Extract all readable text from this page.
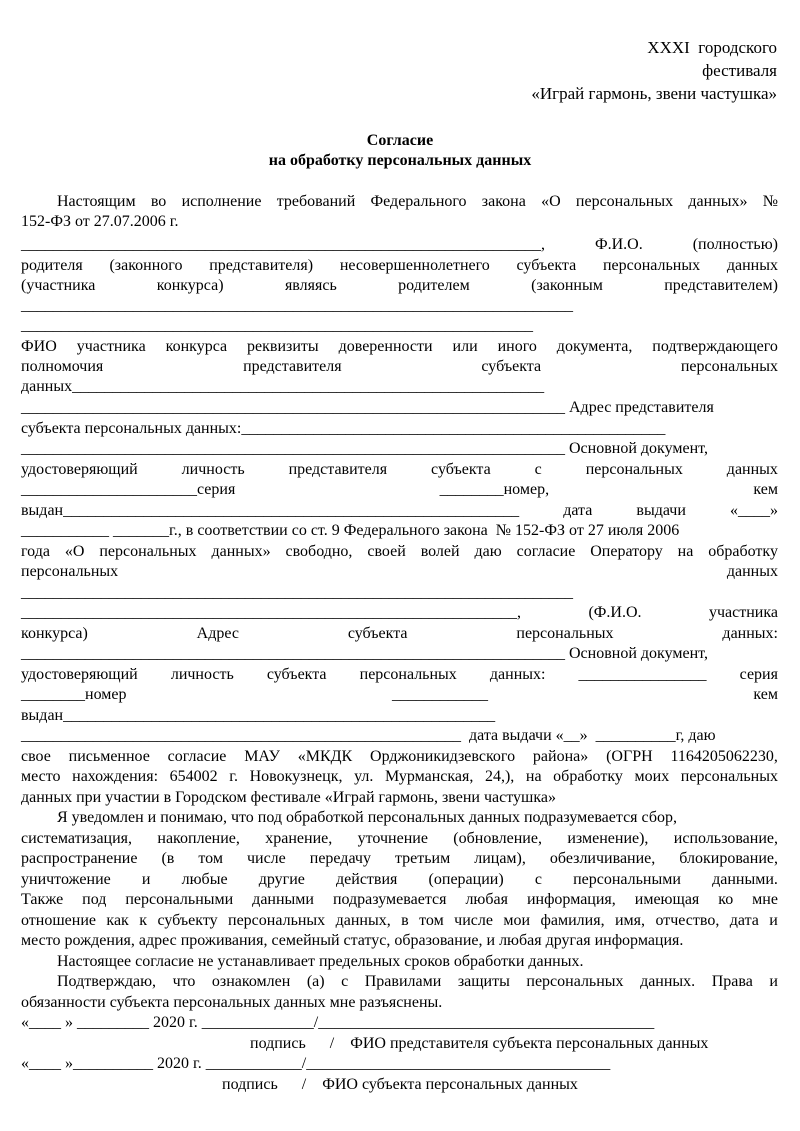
XXXI  городского
фестиваля
«Играй гармонь, звени частушка»
Согласие
на обработку персональных данных
Настоящим во исполнение требований Федерального закона «О персональных данных» №
152-ФЗ от 27.07.2006 г.
_________________________________________________________________,	Ф.И.О.	(полностью)
родителя (законного представителя) несовершеннолетнего субъекта персональных данных
(участника	конкурса)	являясь	родителем	(законным	представителем)
_____________________________________________________________________
________________________________________________________________
ФИО участника конкурса реквизиты доверенности или иного документа, подтверждающего
полномочия	представителя	субъекта	персональных
данных___________________________________________________________
____________________________________________________________________ Адрес представителя
субъекта персональных данных:_____________________________________________________
____________________________________________________________________ Основной документ,
удостоверяющий	личность	представителя	субъекта	с	персональных	данных
______________________серия	________номер,	кем
выдан_________________________________________________________	дата	выдачи	«____»
___________ _______г., в соответствии со ст. 9 Федерального закона  № 152-ФЗ от 27 июля 2006
года «О персональных данных» свободно, своей волей даю согласие Оператору на обработку
персональных	данных
_____________________________________________________________________
______________________________________________________________,	(Ф.И.О.	участника
конкурса)	Адрес	субъекта	персональных	данных:
____________________________________________________________________ Основной документ,
удостоверяющий личность субъекта персональных данных: ________________ серия
________номер	____________	кем
выдан______________________________________________________
_______________________________________________________  дата выдачи «__»  __________г, даю
свое письменное согласие МАУ «МКДК Орджоникидзевского района» (ОГРН 1164205062230,
место нахождения: 654002 г. Новокузнецк, ул. Мурманская, 24,), на обработку моих персональных
данных при участии в Городском фестивале «Играй гармонь, звени частушка»
Я уведомлен и понимаю, что под обработкой персональных данных подразумевается сбор,
систематизация, накопление, хранение, уточнение (обновление, изменение), использование,
распространение (в том числе передачу третьим лицам), обезличивание, блокирование,
уничтожение и любые другие действия (операции) с персональными данными.
Также под персональными данными подразумевается любая информация, имеющая ко мне
отношение как к субъекту персональных данных, в том числе мои фамилия, имя, отчество, дата и
место рождения, адрес проживания, семейный статус, образование, и любая другая информация.
Настоящее согласие не устанавливает предельных сроков обработки данных.
Подтверждаю, что ознакомлен (а) с Правилами защиты персональных данных. Права и
обязанности субъекта персональных данных мне разъяснены.
«____ » _________ 2020 г. ______________/__________________________________________
подпись      /    ФИО представителя субъекта персональных данных
«____ »__________ 2020 г. ____________/______________________________________
подпись      /    ФИО субъекта персональных данных
